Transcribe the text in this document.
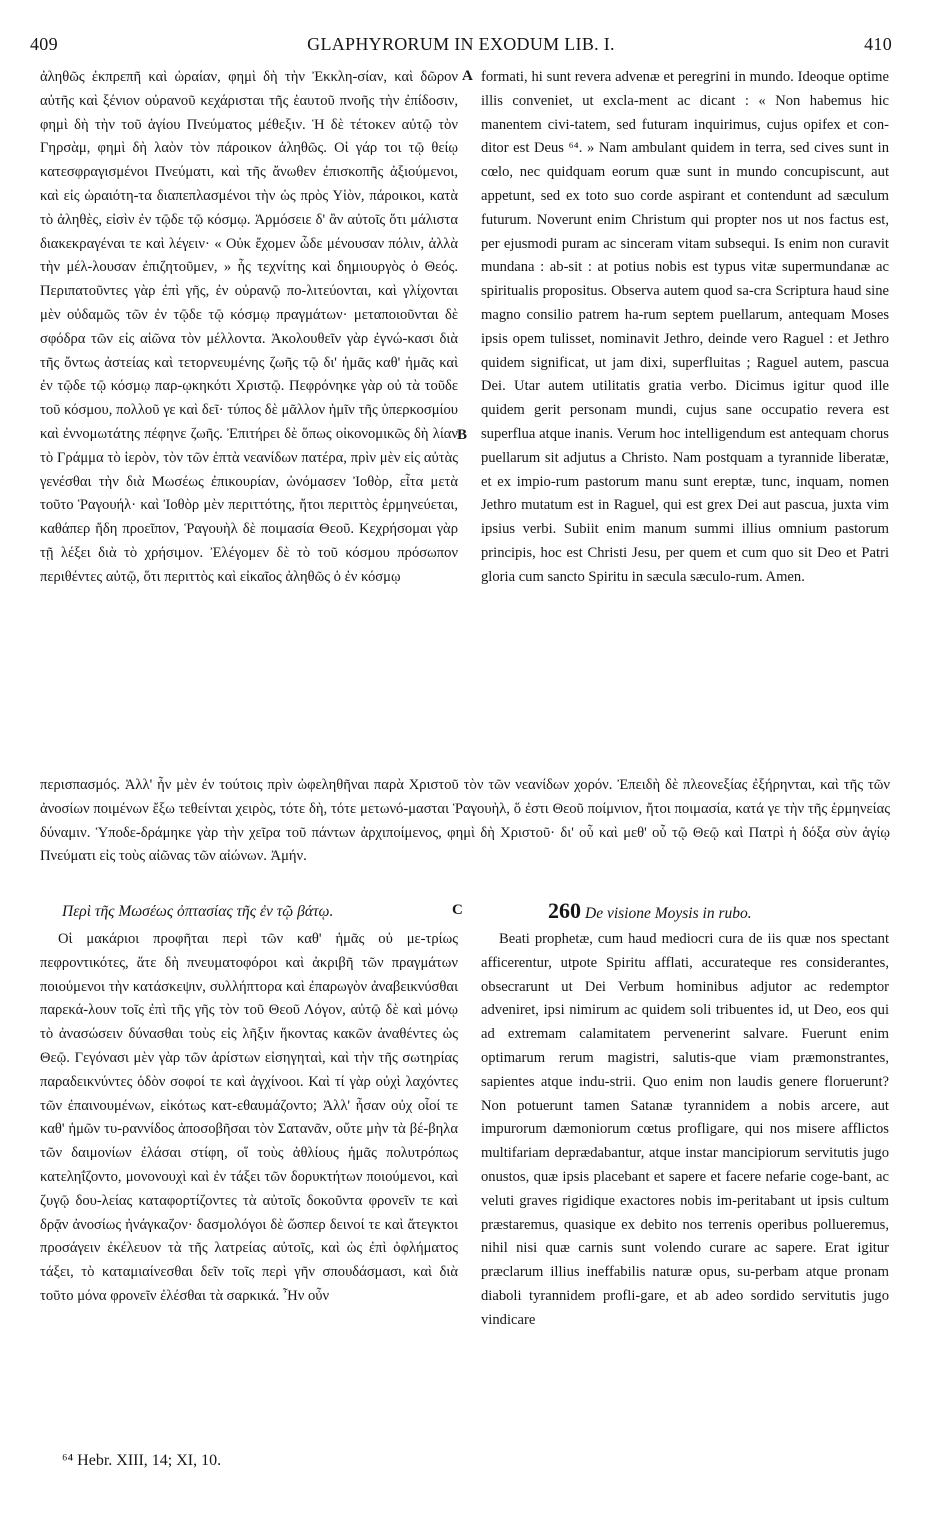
409	GLAPHYRORUM IN EXODUM LIB. I.	410

ἀληθῶς ἐκπρεπῆ καὶ ὡραίαν, φημὶ δὴ τὴν Ἐκκλη-σίαν, καὶ δῶρον αὐτῆς καὶ ξένιον οὐρανοῦ κεχάρισται τῆς ἑαυτοῦ πνοῆς τὴν ἐπίδοσιν, φημὶ δὴ τὴν τοῦ ἁγίου Πνεύματος μέθεξιν. Ἡ δὲ τέτοκεν αὐτῷ τὸν Γηρσὰμ, φημὶ δὴ λαὸν τὸν πάροικον ἀληθῶς. Οἱ γάρ τοι τῷ θείῳ κατεσφραγισμένοι Πνεύματι, καὶ τῆς ἄνωθεν ἐπισκοπῆς ἀξιούμενοι, καὶ εἰς ὡραιότη-τα διαπεπλασμένοι τὴν ὡς πρὸς Υἱὸν, πάροικοι, κατὰ τὸ ἀληθὲς, εἰσὶν ἐν τῷδε τῷ κόσμῳ. Ἁρμόσειε δ' ἂν αὐτοῖς ὅτι μάλιστα διακεκραγέναι τε καὶ λέγειν· « Οὐκ ἔχομεν ὧδε μένουσαν πόλιν, ἀλλὰ τὴν μέλ-λουσαν ἐπιζητοῦμεν, » ἧς τεχνίτης καὶ δημιουργὸς ὁ Θεός. Περιπατοῦντες γὰρ ἐπὶ γῆς, ἐν οὐρανῷ πο-λιτεύονται, καὶ γλίχονται μὲν οὐδαμῶς τῶν ἐν τῷδε τῷ κόσμῳ πραγμάτων· μεταποιοῦνται δὲ σφόδρα τῶν εἰς αἰῶνα τὸν μέλλοντα. Ἀκολουθεῖν γὰρ ἐγνώ-κασι διὰ τῆς ὄντως ἀστείας καὶ τετορνευμένης ζωῆς τῷ δι' ἡμᾶς καθ' ἡμᾶς καὶ ἐν τῷδε τῷ κόσμῳ παρ-ῳκηκότι Χριστῷ. Πεφρόνηκε γὰρ οὐ τὰ τοῦδε τοῦ κόσμου, πολλοῦ γε καὶ δεῖ· τύπος δὲ μᾶλλον ἡμῖν τῆς ὑπερκοσμίου καὶ ἐννομωτάτης πέφηνε ζωῆς. Ἐπιτήρει δὲ ὅπως οἰκονομικῶς δὴ λίαν τὸ Γράμμα τὸ ἱερὸν, τὸν τῶν ἑπτὰ νεανίδων πατέρα, πρὶν μὲν εἰς αὐτὰς γενέσθαι τὴν διὰ Μωσέως ἐπικουρίαν, ὠνόμασεν Ἰοθὸρ, εἶτα μετὰ τοῦτο Ῥαγουήλ· καὶ Ἰοθὸρ μὲν περιττότης, ἤτοι περιττὸς ἑρμηνεύεται, καθάπερ ἤδη προεῖπον, Ῥαγουὴλ δὲ ποιμασία Θεοῦ. Κεχρήσομαι γὰρ τῇ λέξει διὰ τὸ χρήσιμον. Ἐλέγομεν δὲ τὸ τοῦ κόσμου πρόσωπον περιθέντες αὐτῷ, ὅτι περιττὸς καὶ εἰκαῖος ἀληθῶς ὁ ἐν κόσμῳ

A formati, hi sunt revera advenæ et peregrini in mundo. Ideoque optime illis conveniet, ut excla-ment ac dicant : « Non habemus hic manentem civi-tatem, sed futuram inquirimus, cujus opifex et con-ditor est Deus ⁶⁴. » Nam ambulant quidem in terra, sed cives sunt in cœlo, nec quidquam eorum quæ sunt in mundo concupiscunt, aut appetunt, sed ex toto suo corde aspirant et contendunt ad sæculum futurum. Noverunt enim Christum qui propter nos ut nos factus est, per ejusmodi puram ac sinceram vitam subsequi. Is enim non curavit mundana : ab-sit : at potius nobis est typus vitæ supermundanæ ac spiritualis propositus. Observa autem quod sa-cra Scriptura haud sine magno consilio patrem ha-rum septem puellarum, antequam Moses ipsis opem tulisset, nominavit Jethro, deinde vero Raguel : et Jethro quidem significat, ut jam dixi, superfluitas ; Raguel autem, pascua Dei. Utar autem utilitatis gratia verbo. Dicimus igitur quod ille quidem gerit personam mundi, cujus sane occupatio revera est superflua atque inanis. Verum hoc intelligendum est antequam chorus puellarum sit adjutus a Christo. Nam postquam a tyrannide liberatæ, et ex impio-rum pastorum manu sunt ereptæ, tunc, inquam, nomen Jethro mutatum est in Raguel, qui est grex Dei aut pascua, juxta vim ipsius verbi. Subiit enim manum summi illius omnium pastorum principis, hoc est Christi Jesu, per quem et cum quo sit Deo et Patri gloria cum sancto Spiritu in sæcula sæculo-rum. Amen.

B

περισπασμός. Ἀλλ' ἦν μὲν ἐν τούτοις πρὶν ὠφεληθῆναι παρὰ Χριστοῦ τὸν τῶν νεανίδων χορόν. Ἐπειδὴ δὲ πλεονεξίας ἐξήρηνται, καὶ τῆς τῶν ἀνοσίων ποιμένων ἔξω τεθείνται χειρὸς, τότε δὴ, τότε μετωνό-μασται Ῥαγουὴλ, ὅ ἐστι Θεοῦ ποίμνιον, ἤτοι ποιμασία, κατά γε τὴν τῆς ἑρμηνείας δύναμιν. Ὑποδε-δράμηκε γὰρ τὴν χεῖρα τοῦ πάντων ἀρχιποίμενος, φημὶ δὴ Χριστοῦ· δι' οὗ καὶ μεθ' οὗ τῷ Θεῷ καὶ Πατρὶ ἡ δόξα σὺν ἁγίῳ Πνεύματι εἰς τοὺς αἰῶνας τῶν αἰώνων. Ἀμήν.

Περὶ τῆς Μωσέως ὀπτασίας τῆς ἐν τῷ βάτῳ.	C	260 De visione Moysis in rubo.

Οἱ μακάριοι προφῆται περὶ τῶν καθ' ἡμᾶς οὐ με-τρίως πεφροντικότες, ἅτε δὴ πνευματοφόροι καὶ ἀκριβῆ τῶν πραγμάτων ποιούμενοι τὴν κατάσκεψιν, συλλήπτορα καὶ ἐπαρωγὸν ἀναβεικνύσθαι παρεκά-λουν τοῖς ἐπὶ τῆς γῆς τὸν τοῦ Θεοῦ Λόγον, αὐτῷ δὲ καὶ μόνῳ τὸ ἀνασώσειν δύνασθαι τοὺς εἰς λῆξιν ἥκοντας κακῶν ἀναθέντες ὡς Θεῷ. Γεγόνασι μὲν γὰρ τῶν ἀρίστων εἰσηγηταὶ, καὶ τὴν τῆς σωτηρίας παραδεικνύντες ὁδὸν σοφοί τε καὶ ἀγχίνοοι. Καὶ τί γὰρ οὐχὶ λαχόντες τῶν ἐπαινουμένων, εἰκότως κατ-εθαυμάζοντο; Ἀλλ' ἦσαν οὐχ οἷοί τε καθ' ἡμῶν τυ-ραννίδος ἀποσοβῆσαι τὸν Σατανᾶν, οὔτε μὴν τὰ βέ-βηλα τῶν δαιμονίων ἐλάσαι στίφη, οἵ τοὺς ἀθλίους ἡμᾶς πολυτρόπως κατεληΐζοντο, μονονουχὶ καὶ ἐν τάξει τῶν δορυκτήτων ποιούμενοι, καὶ ζυγῷ δου-λείας καταφορτίζοντες τὰ αὐτοῖς δοκοῦντα φρονεῖν τε καὶ δρᾷν ἀνοσίως ἠνάγκαζον· δασμολόγοι δὲ ὥσπερ δεινοί τε καὶ ἄτεγκτοι προσάγειν ἐκέλευον τὰ τῆς λατρείας αὐτοῖς, καὶ ὡς ἐπὶ ὀφλήματος τάξει, τὸ καταμιαίνεσθαι δεῖν τοῖς περὶ γῆν σπουδάσμασι, καὶ διὰ τοῦτο μόνα φρονεῖν ἐλέσθαι τὰ σαρκικά. Ἦν οὖν

Beati prophetæ, cum haud mediocri cura de iis quæ nos spectant afficerentur, utpote Spiritu afflati, accurateque res considerantes, obsecrarunt ut Dei Verbum hominibus adjutor ac redemptor adveniret, ipsi nimirum ac quidem soli tribuentes id, ut Deo, eos qui ad extremam calamitatem pervenerint salvare. Fuerunt enim optimarum rerum magistri, salutis-que viam præmonstrantes, sapientes atque indu-strii. Quo enim non laudis genere floruerunt? Non potuerunt tamen Satanæ tyrannidem a nobis arcere, aut impurorum dæmoniorum cœtus profligare, qui nos misere afflictos multifariam deprædabantur, atque instar mancipiorum servitutis jugo onustos, quæ ipsis placebant et sapere et facere nefarie coge-bant, ac veluti graves rigidique exactores nobis im-peritabant ut ipsis cultum præstaremus, quasique ex debito nos terrenis operibus pollueremus, nihil nisi quæ carnis sunt volendo curare ac sapere. Erat igitur præclarum illius ineffabilis naturæ opus, su-perbam atque pronam diaboli tyrannidem profli-gare, et ab adeo sordido servitutis jugo vindicare

⁶⁴ Hebr. XIII, 14; XI, 10.
